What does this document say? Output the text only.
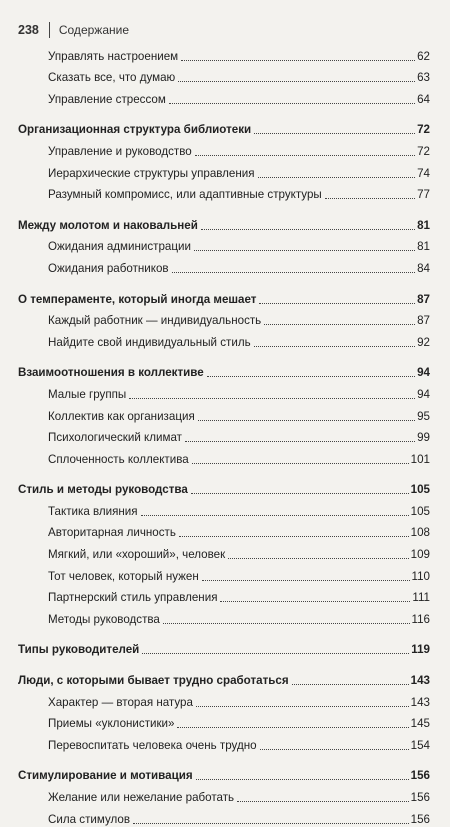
238 Содержание
Управлять настроением	62
Сказать все, что думаю	63
Управление стрессом	64
Организационная структура библиотеки	72
Управление и руководство	72
Иерархические структуры управления	74
Разумный компромисс, или адаптивные структуры	77
Между молотом и наковальней	81
Ожидания администрации	81
Ожидания работников	84
О темпераменте, который иногда мешает	87
Каждый работник — индивидуальность	87
Найдите свой индивидуальный стиль	92
Взаимоотношения в коллективе	94
Малые группы	94
Коллектив как организация	95
Психологический климат	99
Сплоченность коллектива	101
Стиль и методы руководства	105
Тактика влияния	105
Авторитарная личность	108
Мягкий, или «хороший», человек	109
Тот человек, который нужен	110
Партнерский стиль управления	111
Методы руководства	116
Типы руководителей	119
Люди, с которыми бывает трудно сработаться	143
Характер — вторая натура	143
Приемы «уклонистики»	145
Перевоспитать человека очень трудно	154
Стимулирование и мотивация	156
Желание или нежелание работать	156
Сила стимулов	156
